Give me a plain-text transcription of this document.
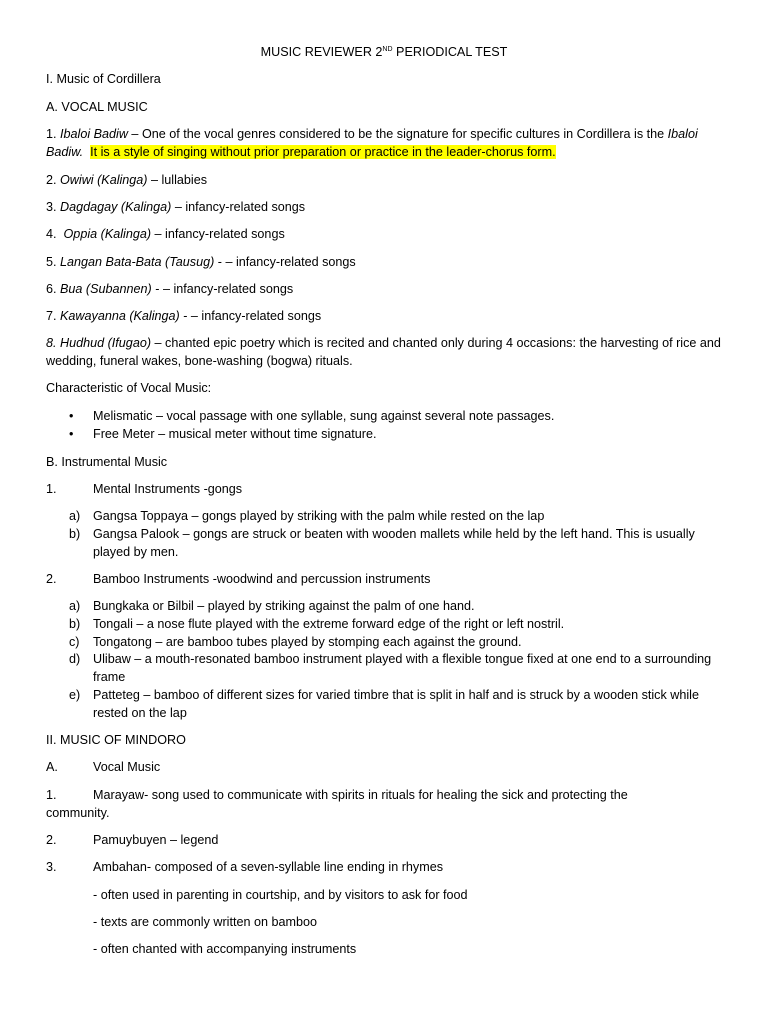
MUSIC REVIEWER 2ND PERIODICAL TEST
I. Music of Cordillera
A. VOCAL MUSIC
1. Ibaloi Badiw – One of the vocal genres considered to be the signature for specific cultures in Cordillera is the Ibaloi Badiw. It is a style of singing without prior preparation or practice in the leader-chorus form.
2. Owiwi (Kalinga) – lullabies
3. Dagdagay (Kalinga) – infancy-related songs
4.  Oppia (Kalinga) – infancy-related songs
5. Langan Bata-Bata (Tausug) - – infancy-related songs
6. Bua (Subannen) - – infancy-related songs
7. Kawayanna (Kalinga) - – infancy-related songs
8. Hudhud (Ifugao) – chanted epic poetry which is recited and chanted only during 4 occasions: the harvesting of rice and wedding, funeral wakes, bone-washing (bogwa) rituals.
Characteristic of Vocal Music:
• Melismatic – vocal passage with one syllable, sung against several note passages.
• Free Meter – musical meter without time signature.
B. Instrumental Music
1.	Mental Instruments -gongs
a) Gangsa Toppaya – gongs played by striking with the palm while rested on the lap
b) Gangsa Palook – gongs are struck or beaten with wooden mallets while held by the left hand. This is usually played by men.
2.	Bamboo Instruments -woodwind and percussion instruments
a) Bungkaka or Bilbil – played by striking against the palm of one hand.
b) Tongali – a nose flute played with the extreme forward edge of the right or left nostril.
c) Tongatong – are bamboo tubes played by stomping each against the ground.
d) Ulibaw – a mouth-resonated bamboo instrument played with a flexible tongue fixed at one end to a surrounding frame
e) Patteteg – bamboo of different sizes for varied timbre that is split in half and is struck by a wooden stick while rested on the lap
II. MUSIC OF MINDORO
A.	Vocal Music
1.	Marayaw- song used to communicate with spirits in rituals for healing the sick and protecting the
community.
2.	Pamuybuyen – legend
3.	Ambahan- composed of a seven-syllable line ending in rhymes
- often used in parenting in courtship, and by visitors to ask for food
- texts are commonly written on bamboo
- often chanted with accompanying instruments
